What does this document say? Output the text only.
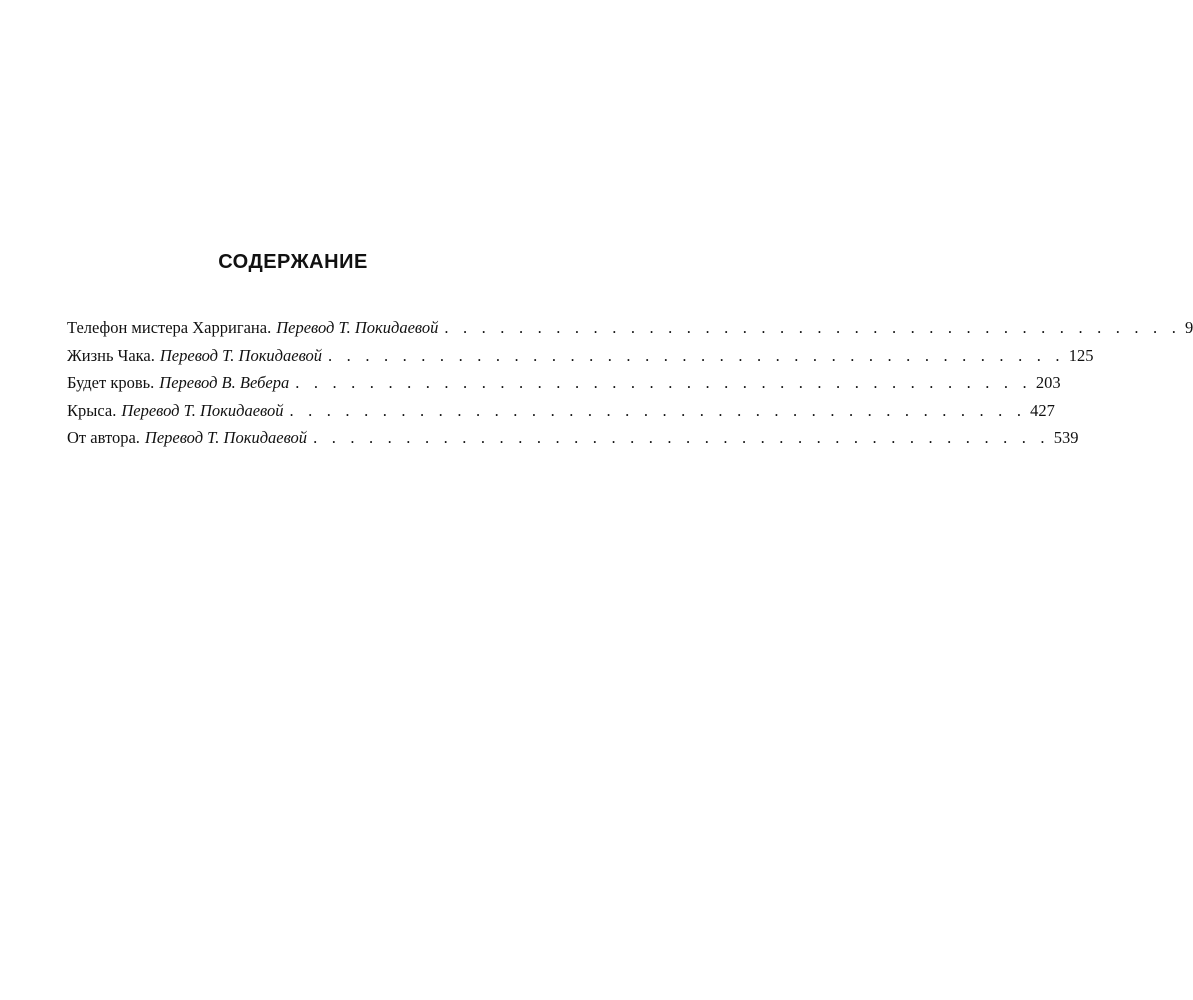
СОДЕРЖАНИЕ
Телефон мистера Харригана. Перевод Т. Покидаевой . . . . . . . . . . . . . . . . . . . . . . . . . . . . . . . . . . . . . . . . 9
Жизнь Чака. Перевод Т. Покидаевой . . . . . . . . . . . . . . . . . . . . . . . . . . . . . . . . . . . . . . . . 125
Будет кровь. Перевод В. Вебера . . . . . . . . . . . . . . . . . . . . . . . . . . . . . . . . . . . . . . . . 203
Крыса. Перевод Т. Покидаевой . . . . . . . . . . . . . . . . . . . . . . . . . . . . . . . . . . . . . . . . 427
От автора. Перевод Т. Покидаевой . . . . . . . . . . . . . . . . . . . . . . . . . . . . . . . . . . . . . . . . 539
